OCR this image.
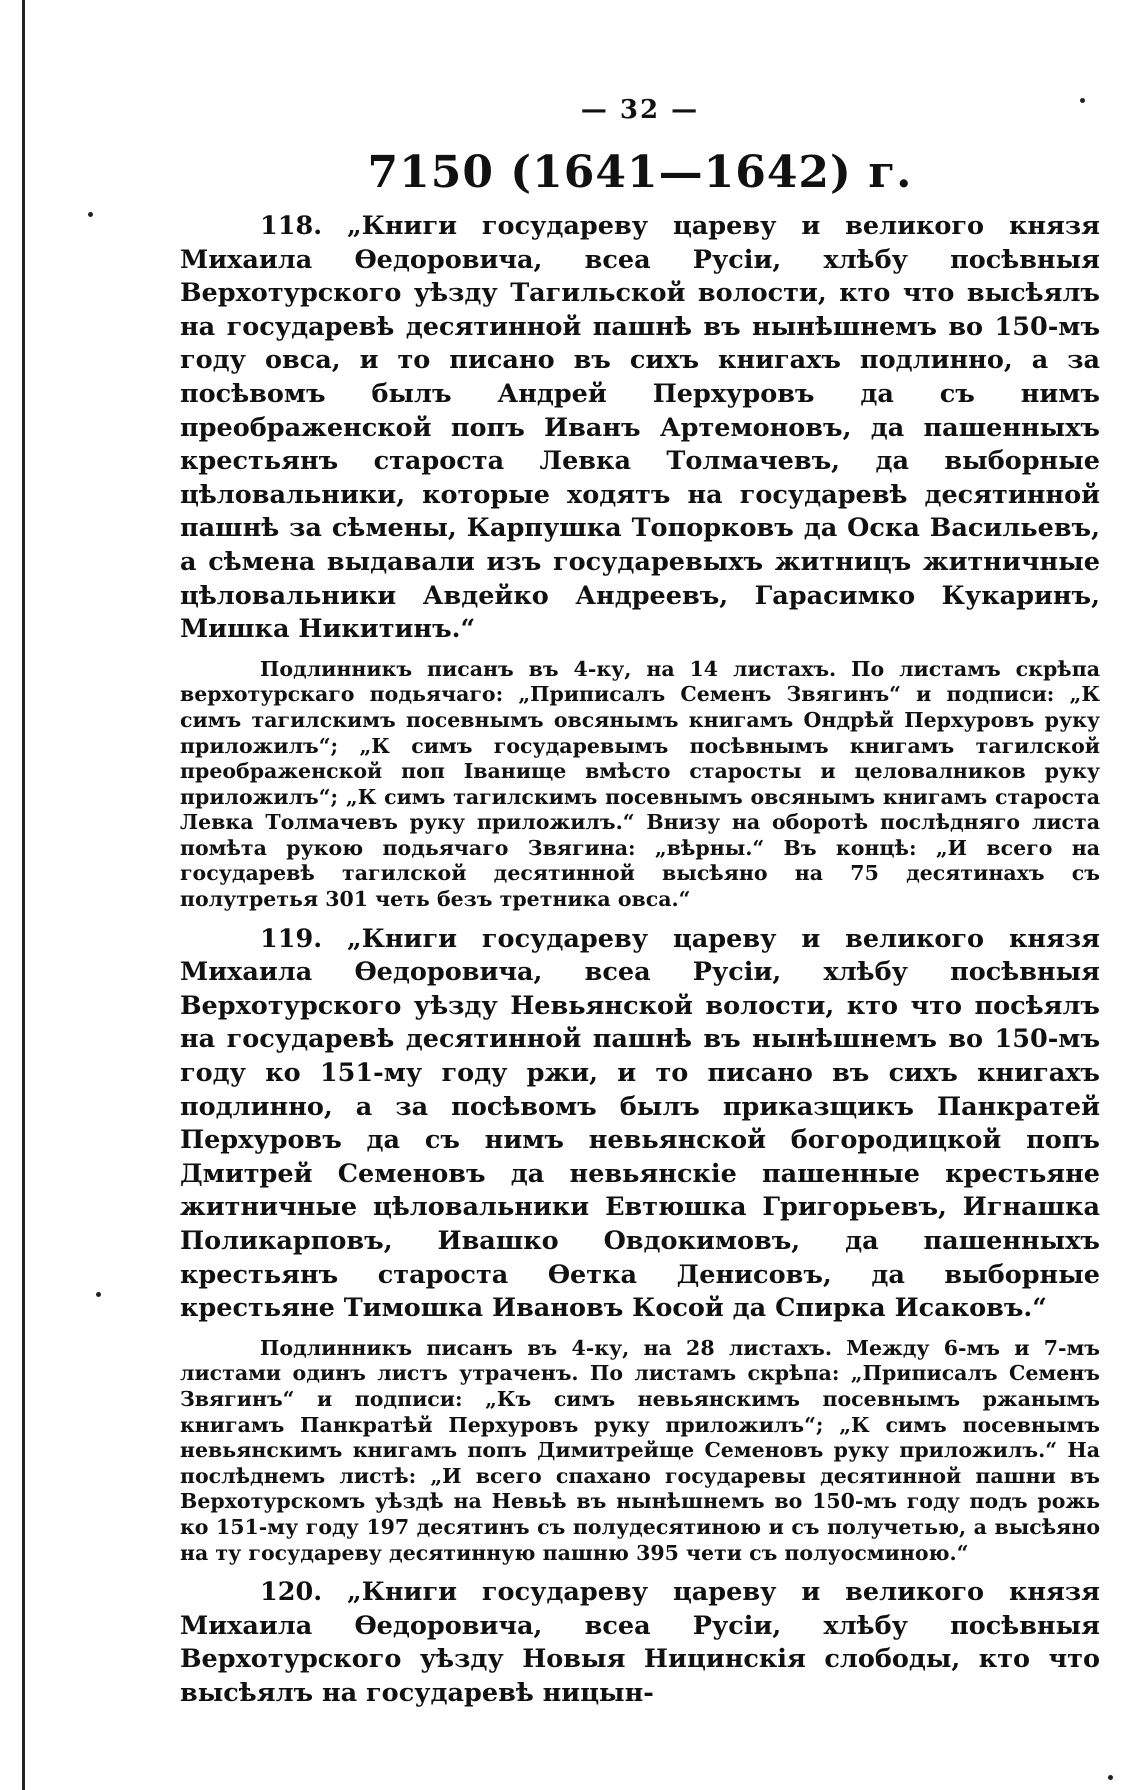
— 32 —
7150 (1641—1642) г.

118. „Книги государеву цареву и великого князя Михаила Өедоровича, всеа Русіи, хлѣбу посѣвныя Верхотурского уѣзду Тагильской волости, кто что высѣялъ на государевѣ десятинной пашнѣ въ нынѣшнемъ во 150-мъ году овса, и то писано въ сихъ книгахъ подлинно, а за посѣвомъ былъ Андрей Перхуровъ да съ нимъ преображенской попъ Иванъ Артемоновъ, да пашенныхъ крестьянъ староста Левка Толмачевъ, да выборные цѣловальники, которые ходятъ на государевѣ десятинной пашнѣ за сѣмены, Карпушка Топорковъ да Оска Васильевъ, а сѣмена выдавали изъ государевыхъ житницъ житничные цѣловальники Авдейко Андреевъ, Гарасимко Кукаринъ, Мишка Никитинъ.“

Подлинникъ писанъ въ 4-ку, на 14 листахъ. По листамъ скрѣпа верхотурскаго подьячаго: „Приписалъ Семенъ Звягинъ“ и подписи: „К симъ тагилскимъ посевнымъ овсянымъ книгамъ Ондрѣй Перхуровъ руку приложилъ“; „К симъ государевымъ посѣвнымъ книгамъ тагилской преображенской поп Іванище вмѣсто старосты и целовалников руку приложилъ“; „К симъ тагилскимъ посевнымъ овсянымъ книгамъ староста Левка Толмачевъ руку приложилъ.“ Внизу на оборотѣ послѣдняго листа помѣта рукою подьячаго Звягина: „вѣрны.“ Въ концѣ: „И всего на государевѣ тагилской десятинной высѣяно на 75 десятинахъ съ полутретья 301 четь безъ третника овса.“

119. „Книги государеву цареву и великого князя Михаила Өедоровича, всеа Русіи, хлѣбу посѣвныя Верхотурского уѣзду Невьянской волости, кто что посѣялъ на государевѣ десятинной пашнѣ въ нынѣшнемъ во 150-мъ году ко 151-му году ржи, и то писано въ сихъ книгахъ подлинно, а за посѣвомъ былъ приказщикъ Панкратей Перхуровъ да съ нимъ невьянской богородицкой попъ Дмитрей Семеновъ да невьянскіе пашенные крестьяне житничные цѣловальники Евтюшка Григорьевъ, Игнашка Поликарповъ, Ивашко Овдокимовъ, да пашенныхъ крестьянъ староста Өетка Денисовъ, да выборные крестьяне Тимошка Ивановъ Косой да Спирка Исаковъ.“

Подлинникъ писанъ въ 4-ку, на 28 листахъ. Между 6-мъ и 7-мъ листами одинъ листъ утраченъ. По листамъ скрѣпа: „Приписалъ Семенъ Звягинъ“ и подписи: „Къ симъ невьянскимъ посевнымъ ржанымъ книгамъ Панкратѣй Перхуровъ руку приложилъ“; „К симъ посевнымъ невьянскимъ книгамъ попъ Димитрейще Семеновъ руку приложилъ.“ На послѣднемъ листѣ: „И всего спахано государевы десятинной пашни въ Верхотурскомъ уѣздѣ на Невьѣ въ нынѣшнемъ во 150-мъ году подъ рожь ко 151-му году 197 десятинъ съ полудесятиною и съ получетью, а высѣяно на ту государеву десятинную пашню 395 чети съ полуосминою.“

120. „Книги государеву цареву и великого князя Михаила Өедоровича, всеа Русіи, хлѣбу посѣвныя Верхотурского уѣзду Новыя Ницинскія слободы, кто что высѣялъ на государевѣ ницын-
